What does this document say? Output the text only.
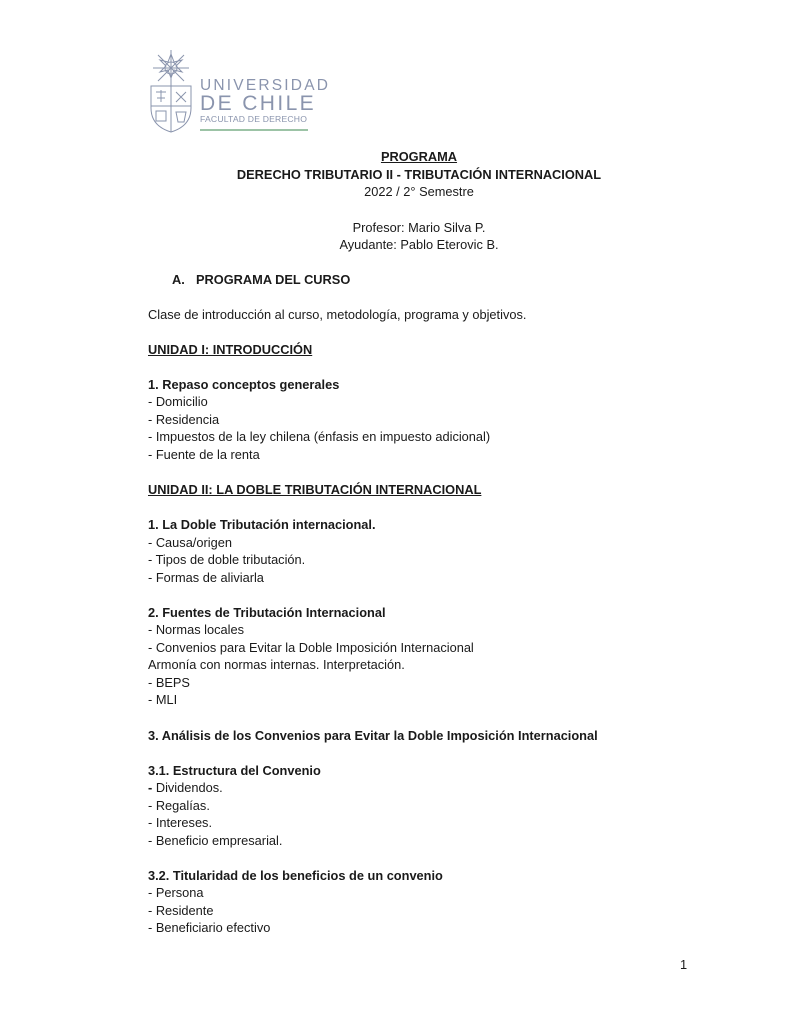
UNIVERSIDAD
DE CHILE
FACULTAD DE DERECHO
PROGRAMA
DERECHO TRIBUTARIO II - TRIBUTACIÓN INTERNACIONAL
2022 / 2° Semestre
Profesor: Mario Silva P.
Ayudante: Pablo Eterovic B.
A. PROGRAMA DEL CURSO
Clase de introducción al curso, metodología, programa y objetivos.
UNIDAD I: INTRODUCCIÓN
1. Repaso conceptos generales
- Domicilio
- Residencia
- Impuestos de la ley chilena (énfasis en impuesto adicional)
- Fuente de la renta
UNIDAD II: LA DOBLE TRIBUTACIÓN INTERNACIONAL
1. La Doble Tributación internacional.
- Causa/origen
- Tipos de doble tributación.
- Formas de aliviarla
2. Fuentes de Tributación Internacional
- Normas locales
- Convenios para Evitar la Doble Imposición Internacional
Armonía con normas internas. Interpretación.
- BEPS
- MLI
3. Análisis de los Convenios para Evitar la Doble Imposición Internacional
3.1. Estructura del Convenio
- Dividendos.
- Regalías.
- Intereses.
- Beneficio empresarial.
3.2. Titularidad de los beneficios de un convenio
- Persona
- Residente
- Beneficiario efectivo
1
